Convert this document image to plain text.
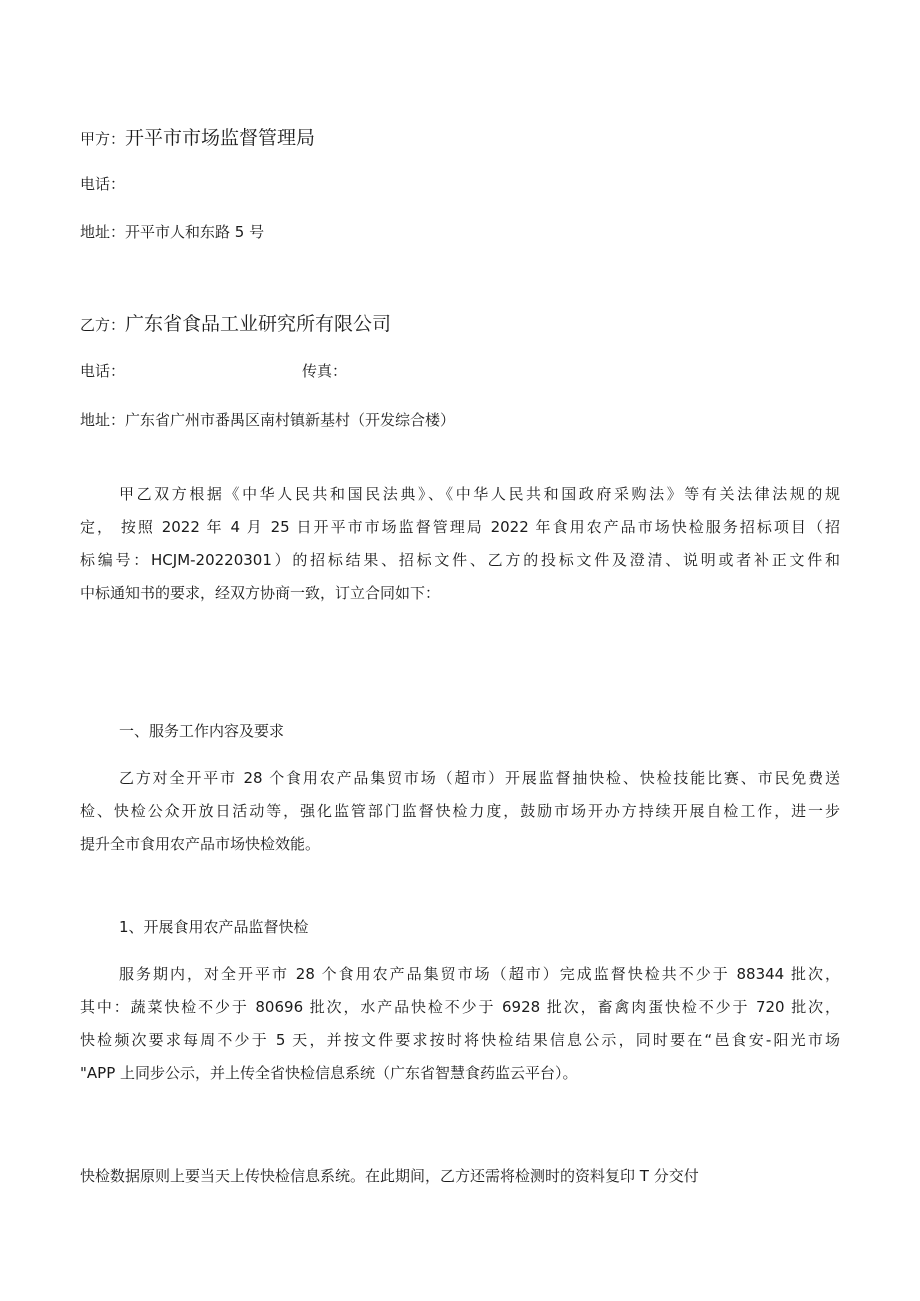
甲方：开平市市场监督管理局
电话：
地址：开平市人和东路 5 号
乙方：广东省食品工业研究所有限公司
电话：	传真：
地址：广东省广州市番禺区南村镇新基村（开发综合楼）
甲乙双方根据《中华人民共和国民法典》、《中华人民共和国政府采购法》等有关法律法规的规
定， 按照 2022 年 4 月 25 日开平市市场监督管理局 2022 年食用农产品市场快检服务招标项目（招
标编号：HCJM-20220301）的招标结果、招标文件、乙方的投标文件及澄清、说明或者补正文件和
中标通知书的要求，经双方协商一致，订立合同如下：
一、服务工作内容及要求
乙方对全开平市 28 个食用农产品集贸市场（超市）开展监督抽快检、快检技能比赛、市民免费送
检、快检公众开放日活动等，强化监管部门监督快检力度，鼓励市场开办方持续开展自检工作，进一步
提升全市食用农产品市场快检效能。
1、开展食用农产品监督快检
服务期内，对全开平市 28 个食用农产品集贸市场（超市）完成监督快检共不少于 88344 批次，
其中：蔬菜快检不少于 80696 批次，水产品快检不少于 6928 批次，畜禽肉蛋快检不少于 720 批次，
快检频次要求每周不少于 5 天，并按文件要求按时将快检结果信息公示，同时要在“邑食安-阳光市场
"APP 上同步公示，并上传全省快检信息系统（广东省智慧食药监云平台）。
快检数据原则上要当天上传快检信息系统。在此期间，乙方还需将检测时的资料复印 T 分交付
